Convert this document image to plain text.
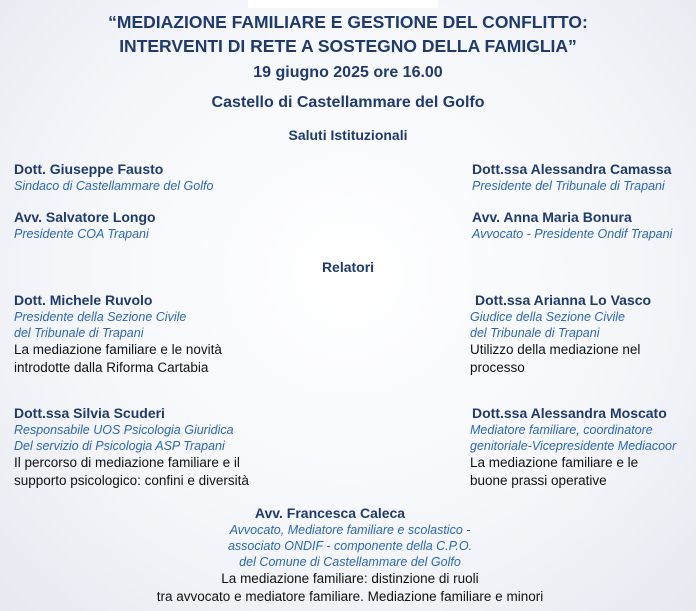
“MEDIAZIONE FAMILIARE E GESTIONE DEL CONFLITTO:
INTERVENTI DI RETE A SOSTEGNO DELLA FAMIGLIA”
19 giugno 2025 ore 16.00
Castello di Castellammare del Golfo
Saluti Istituzionali
Dott. Giuseppe Fausto
Sindaco di Castellammare del Golfo
Dott.ssa Alessandra Camassa
Presidente del Tribunale di Trapani
Avv. Salvatore Longo
Presidente COA Trapani
Avv. Anna Maria Bonura
Avvocato - Presidente Ondif Trapani
Relatori
Dott. Michele Ruvolo
Presidente della Sezione Civile
del Tribunale di Trapani
La mediazione familiare e le novità
introdotte dalla Riforma Cartabia
Dott.ssa Arianna Lo Vasco
Giudice della Sezione Civile
del Tribunale di Trapani
Utilizzo della mediazione nel
processo
Dott.ssa Silvia Scuderi
Responsabile UOS Psicologia Giuridica
Del servizio di Psicologia ASP Trapani
Il percorso di mediazione familiare e il
supporto psicologico: confini e diversità
Dott.ssa Alessandra Moscato
Mediatore familiare, coordinatore
genitoriale-Vicepresidente Mediacoor
La mediazione familiare e le
buone prassi operative
Avv. Francesca Caleca
Avvocato, Mediatore familiare e scolastico -
associato ONDIF - componente della C.P.O.
del Comune di Castellammare del Golfo
La mediazione familiare: distinzione di ruoli
tra avvocato e mediatore familiare. Mediazione familiare e minori
